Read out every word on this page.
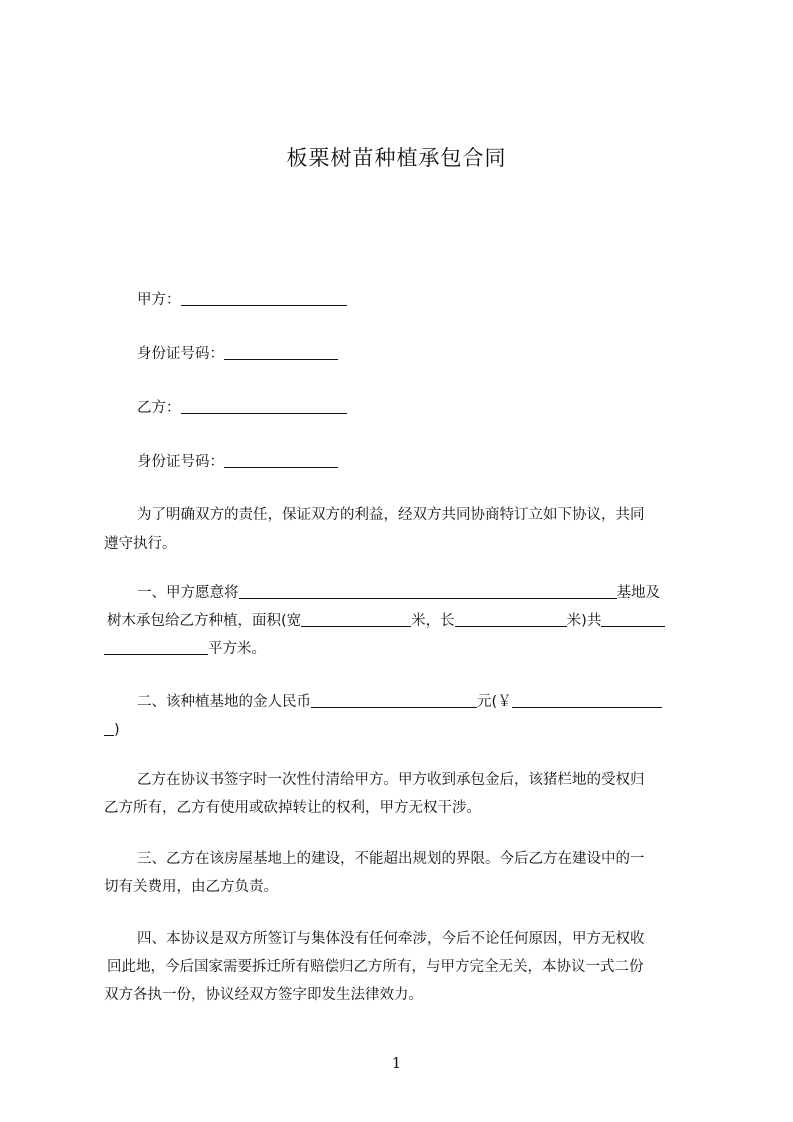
板栗树苗种植承包合同
甲方：
身份证号码：
乙方：
身份证号码：
为了明确双方的责任，保证双方的利益，经双方共同协商特订立如下协议，共同
遵守执行。
一、甲方愿意将	基地及
树木承包给乙方种植，面积(宽	米，长	米)共
平方米。
二、该种植基地的金人民币	元(￥
)
乙方在协议书签字时一次性付清给甲方。甲方收到承包金后，该猪栏地的受权归
乙方所有，乙方有使用或砍掉转让的权利，甲方无权干涉。
三、乙方在该房屋基地上的建设，不能超出规划的界限。今后乙方在建设中的一
切有关费用，由乙方负责。
四、本协议是双方所签订与集体没有任何牵涉，今后不论任何原因，甲方无权收
回此地，今后国家需要拆迁所有赔偿归乙方所有，与甲方完全无关，本协议一式二份
双方各执一份，协议经双方签字即发生法律效力。
1
